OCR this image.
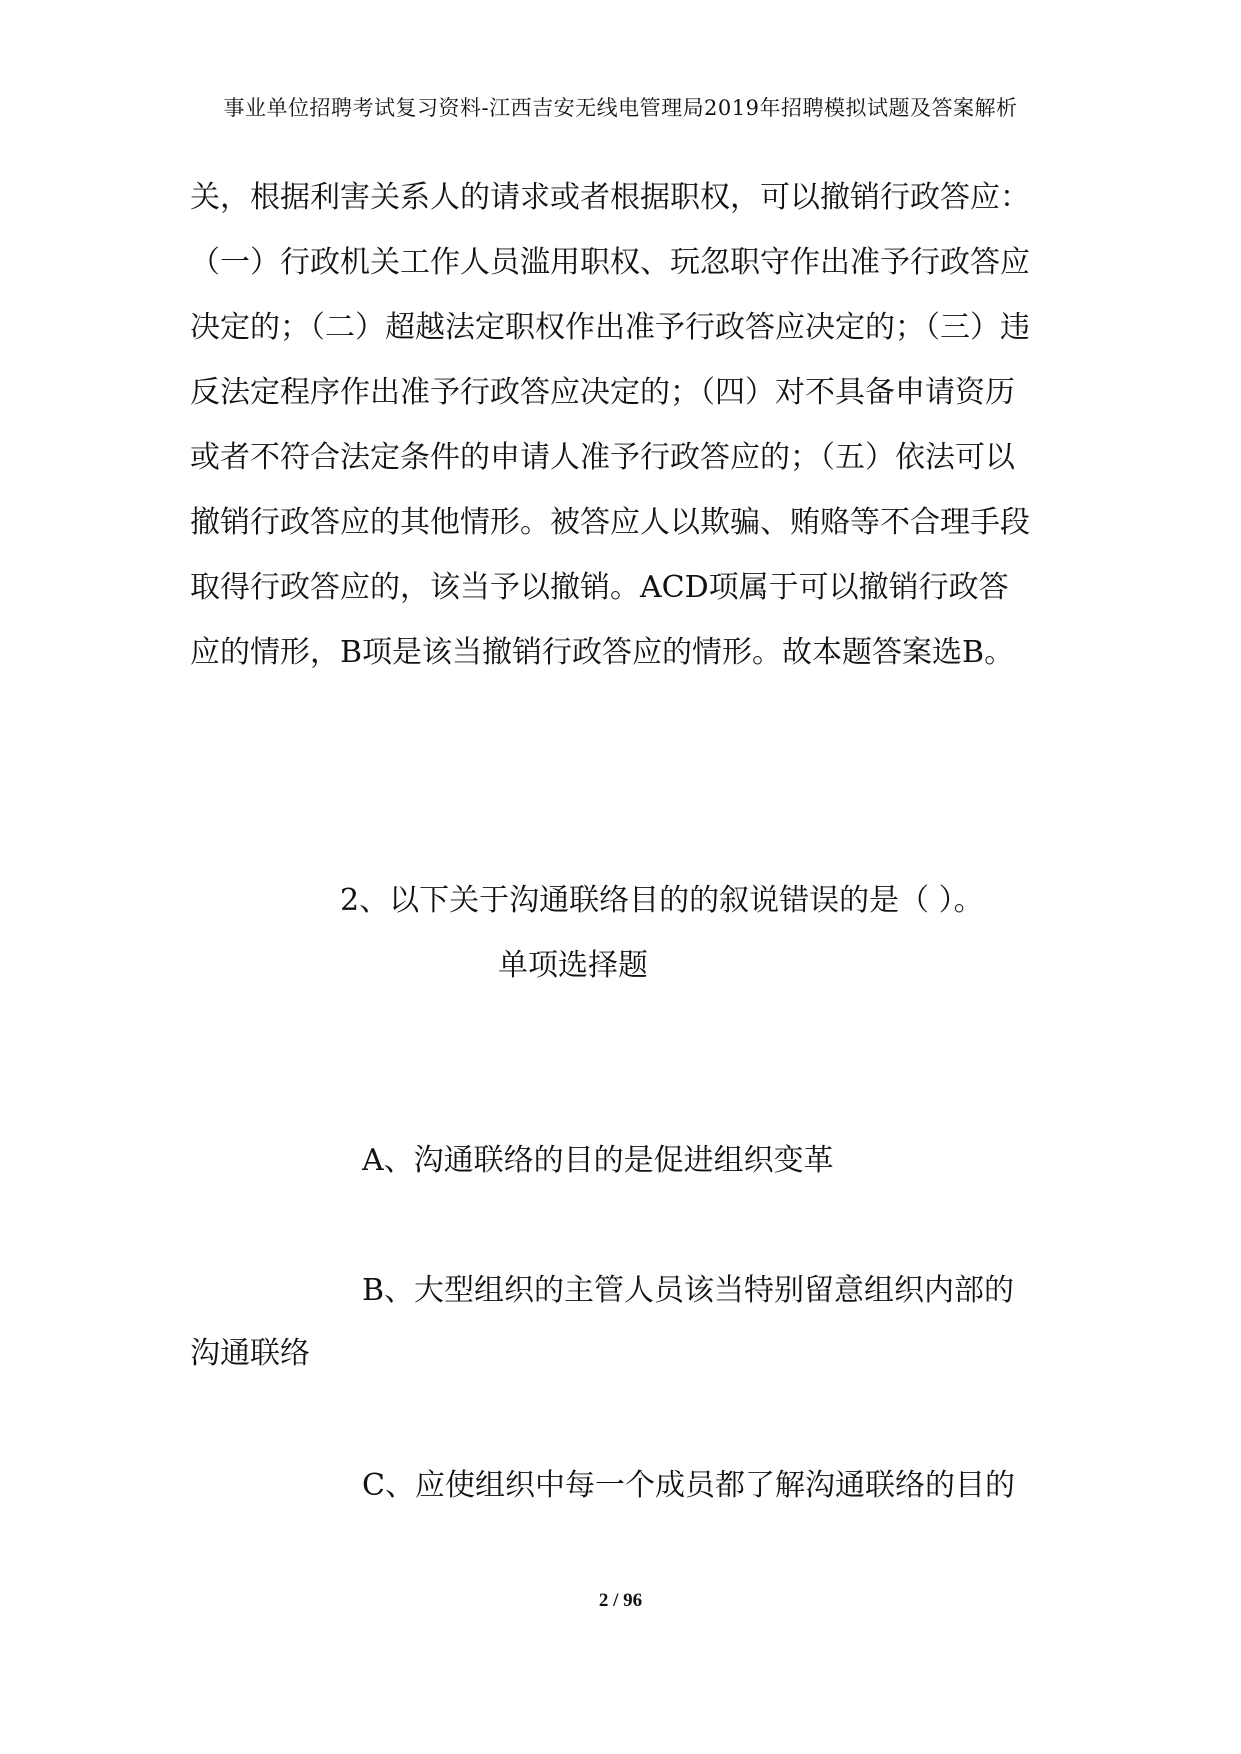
事业单位招聘考试复习资料-江西吉安无线电管理局2019年招聘模拟试题及答案解析
关，根据利害关系人的请求或者根据职权，可以撤销行政答应：
（一）行政机关工作人员滥用职权、玩忽职守作出准予行政答应
决定的；（二）超越法定职权作出准予行政答应决定的；（三）违
反法定程序作出准予行政答应决定的；（四）对不具备申请资历
或者不符合法定条件的申请人准予行政答应的；（五）依法可以
撤销行政答应的其他情形。被答应人以欺骗、贿赂等不合理手段
取得行政答应的，该当予以撤销。ACD项属于可以撤销行政答
应的情形，B项是该当撤销行政答应的情形。故本题答案选B。
2、以下关于沟通联络目的的叙说错误的是（ ）。
单项选择题
A、沟通联络的目的是促进组织变革
B、大型组织的主管人员该当特别留意组织内部的
沟通联络
C、应使组织中每一个成员都了解沟通联络的目的
2 / 96
